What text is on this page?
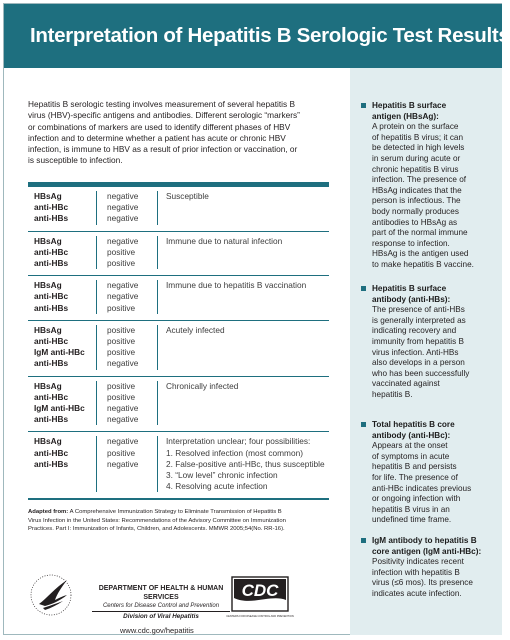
Interpretation of Hepatitis B Serologic Test Results
Hepatitis B surface
antigen (HBsAg):
A protein on the surface
of hepatitis B virus; it can
be detected in high levels
in serum during acute or
chronic hepatitis B virus
infection. The presence of
HBsAg indicates that the
person is infectious. The
body normally produces
antibodies to HBsAg as
part of the normal immune
response to infection.
HBsAg is the antigen used
to make hepatitis B vaccine.
Hepatitis B surface
antibody (anti-HBs):
The presence of anti-HBs
is generally interpreted as
indicating recovery and
immunity from hepatitis B
virus infection. Anti-HBs
also develops in a person
who has been successfully
vaccinated against
hepatitis B.
Total hepatitis B core
antibody (anti-HBc):
Appears at the onset
of symptoms in acute
hepatitis B and persists
for life. The presence of
anti-HBc indicates previous
or ongoing infection with
hepatitis B virus in an
undefined time frame.
IgM antibody to hepatitis B
core antigen (IgM anti-HBc):
Positivity indicates recent
infection with hepatitis B
virus (≤6 mos). Its presence
indicates acute infection.
Hepatitis B serologic testing involves measurement of several hepatitis B
virus (HBV)-specific antigens and antibodies. Different serologic “markers”
or combinations of markers are used to identify different phases of HBV
infection and to determine whether a patient has acute or chronic HBV
infection, is immune to HBV as a result of prior infection or vaccination, or
is susceptible to infection.
HBsAg
anti-HBc
anti-HBs
negative
negative
negative
Susceptible
HBsAg
anti-HBc
anti-HBs
negative
positive
positive
Immune due to natural infection
HBsAg
anti-HBc
anti-HBs
negative
negative
positive
Immune due to hepatitis B vaccination
HBsAg
anti-HBc
IgM anti-HBc
anti-HBs
positive
positive
positive
negative
Acutely infected
HBsAg
anti-HBc
IgM anti-HBc
anti-HBs
positive
positive
negative
negative
Chronically infected
HBsAg
anti-HBc
anti-HBs
negative
positive
negative
Interpretation unclear; four possibilities:
1. Resolved infection (most common)
2. False-positive anti-HBc, thus susceptible
3. “Low level” chronic infection
4. Resolving acute infection
Adapted from: A Comprehensive Immunization Strategy to Eliminate Transmission of Hepatitis B
Virus Infection in the United States: Recommendations of the Advisory Committee on Immunization
Practices. Part I: Immunization of Infants, Children, and Adolescents. MMWR 2005;54(No. RR-16).
DEPARTMENT OF HEALTH & HUMAN SERVICES
Centers for Disease Control and Prevention
Division of Viral Hepatitis
CDC
CENTERS FOR DISEASE CONTROL AND PREVENTION
www.cdc.gov/hepatitis
